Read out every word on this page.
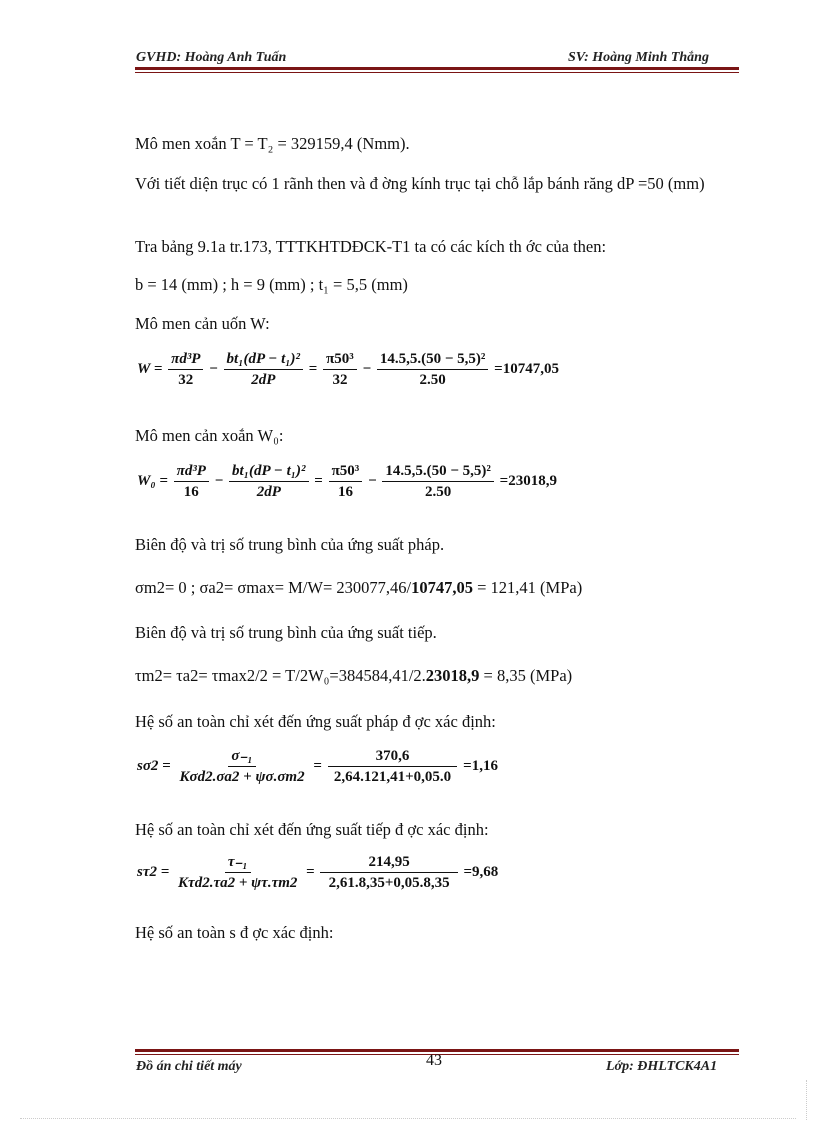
GVHD: Hoàng Anh Tuấn	SV: Hoàng Minh Thắng
Mô men xoắn T = T₂ = 329159,4 (Nmm).
Với tiết diện trục có 1 rãnh then và đ ờng kính trục tại chỗ lắp bánh răng dP =50 (mm)
Tra bảng 9.1a tr.173, TTTKHTDĐCK-T1 ta có các kích th ớc của then:
b = 14 (mm) ; h = 9 (mm) ; t₁ = 5,5 (mm)
Mô men cản uốn W:
$W = \frac{\text{πd³P}}{32} - \frac{\text{bt₁(dP − t₁)²}}{2dP} = \frac{\text{π50³}}{32} - \frac{\text{14.5,5.(50 − 5,5)²}}{2.50} =10747,05$
Mô men cản xoắn W₀:
$W_0 = \frac{\text{πd³P}}{16} - \frac{\text{bt₁(dP − t₁)²}}{2dP} = \frac{\text{π50³}}{16} - \frac{\text{14.5,5.(50 − 5,5)²}}{2.50} =23018,9$
Biên độ và trị số trung bình của ứng suất pháp.
σm2= 0 ; σa2= σmax= M/W= 230077,46/10747,05 = 121,41 (MPa)
Biên độ và trị số trung bình của ứng suất tiếp.
τm2= τa2= τmax2/2 = T/2W₀=384584,41/2.23018,9 = 8,35 (MPa)
Hệ số an toàn chỉ xét đến ứng suất pháp đ ợc xác định:
$s\sigma 2 = \frac{\text{σ₋₁}}{\text{Kσd2.σa2 + ψσ.σm2}} = \frac{370,6}{2,64.121,41+0,05.0} =1,16$
Hệ số an toàn chỉ xét đến ứng suất tiếp đ ợc xác định:
$s\tau 2 = \frac{\text{τ₋₁}}{\text{Kτd2.τa2 + ψτ.τm2}} = \frac{214,95}{2,61.8,35+0,05.8,35} =9,68$
Hệ số an toàn s đ ợc xác định:
Đồ án chi tiết máy	43	Lớp: ĐHLTCK4A1
